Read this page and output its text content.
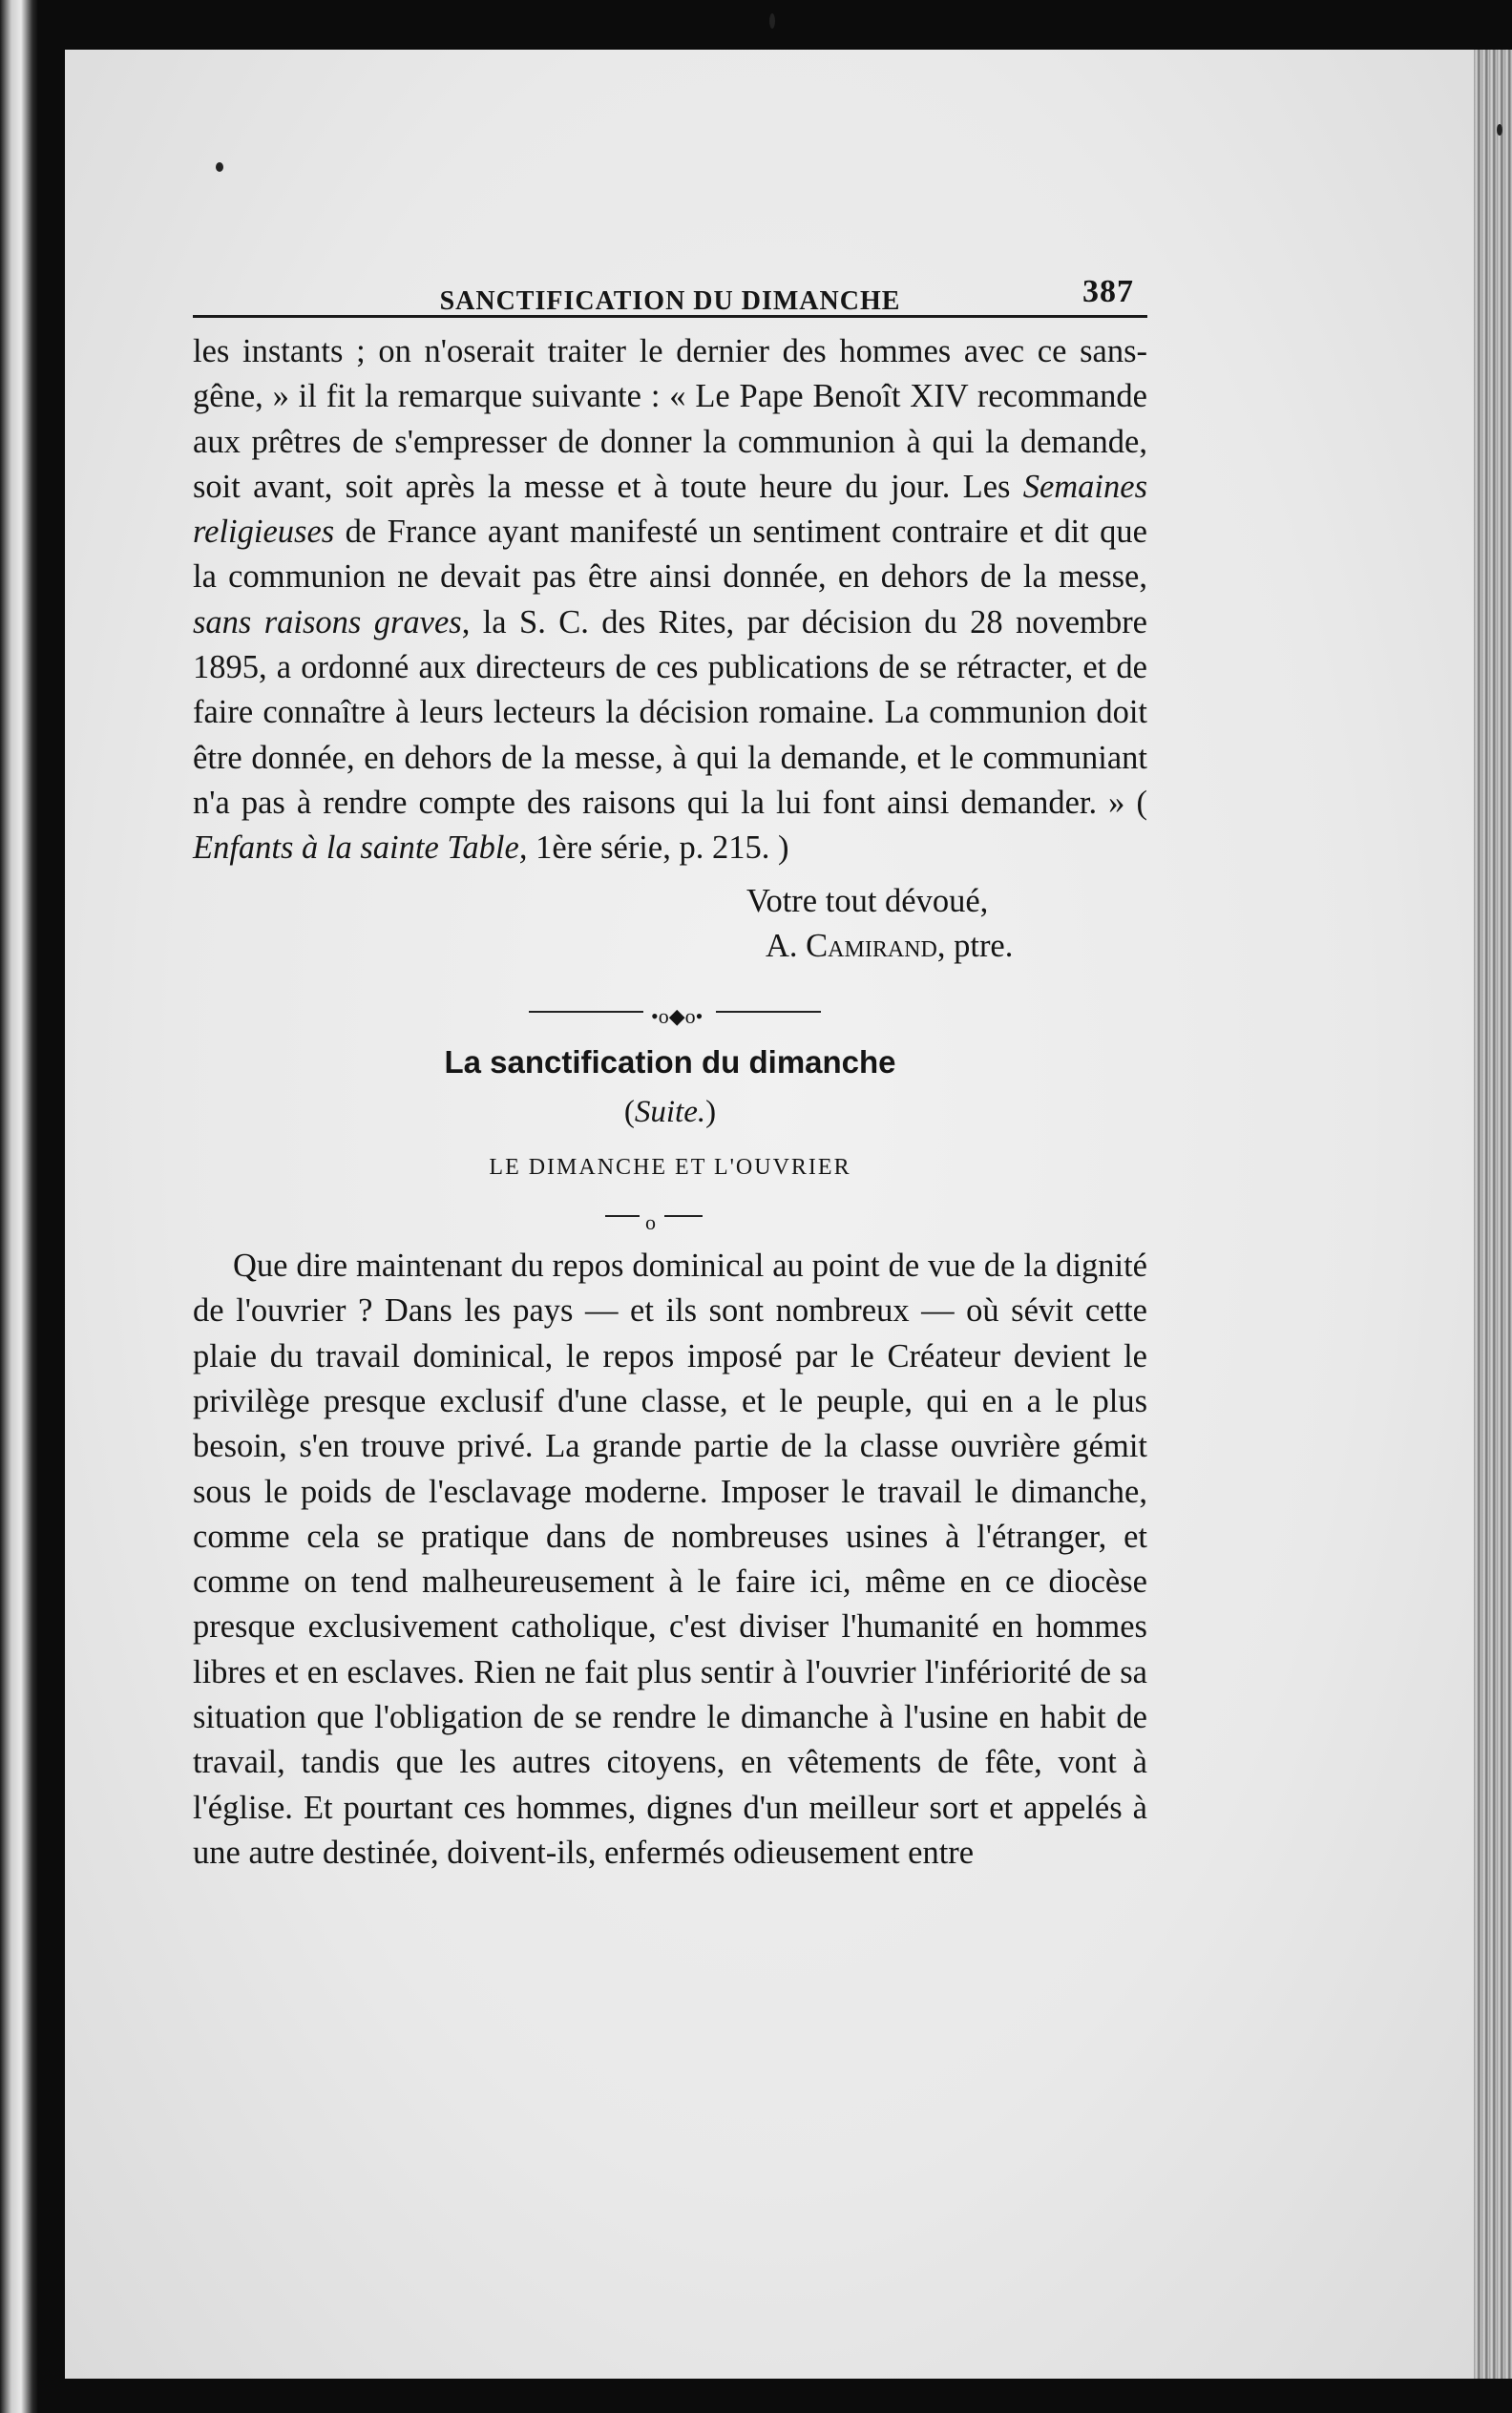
SANCTIFICATION DU DIMANCHE	387

les instants ; on n'oserait traiter le dernier des hommes avec ce sans-gêne, » il fit la remarque suivante : « Le Pape Benoît XIV recommande aux prêtres de s'empresser de donner la communion à qui la demande, soit avant, soit après la messe et à toute heure du jour. Les Semaines religieuses de France ayant manifesté un sentiment contraire et dit que la communion ne devait pas être ainsi donnée, en dehors de la messe, sans raisons graves, la S. C. des Rites, par décision du 28 novembre 1895, a ordonné aux directeurs de ces publications de se rétracter, et de faire connaître à leurs lecteurs la décision romaine. La communion doit être donnée, en dehors de la messe, à qui la demande, et le communiant n'a pas à rendre compte des raisons qui la lui font ainsi demander. » ( Enfants à la sainte Table, 1ère série, p. 215. )

Votre tout dévoué,

A. Camirand, ptre.

•o◆o•
La sanctification du dimanche
(Suite.)
LE DIMANCHE ET L'OUVRIER
o

Que dire maintenant du repos dominical au point de vue de la dignité de l'ouvrier ? Dans les pays — et ils sont nombreux — où sévit cette plaie du travail dominical, le repos imposé par le Créateur devient le privilège presque exclusif d'une classe, et le peuple, qui en a le plus besoin, s'en trouve privé. La grande partie de la classe ouvrière gémit sous le poids de l'esclavage moderne. Imposer le travail le dimanche, comme cela se pratique dans de nombreuses usines à l'étranger, et comme on tend malheureusement à le faire ici, même en ce diocèse presque exclusivement catholique, c'est diviser l'humanité en hommes libres et en esclaves. Rien ne fait plus sentir à l'ouvrier l'infériorité de sa situation que l'obligation de se rendre le dimanche à l'usine en habit de travail, tandis que les autres citoyens, en vêtements de fête, vont à l'église. Et pourtant ces hommes, dignes d'un meilleur sort et appelés à une autre destinée, doivent-ils, enfermés odieusement entre
